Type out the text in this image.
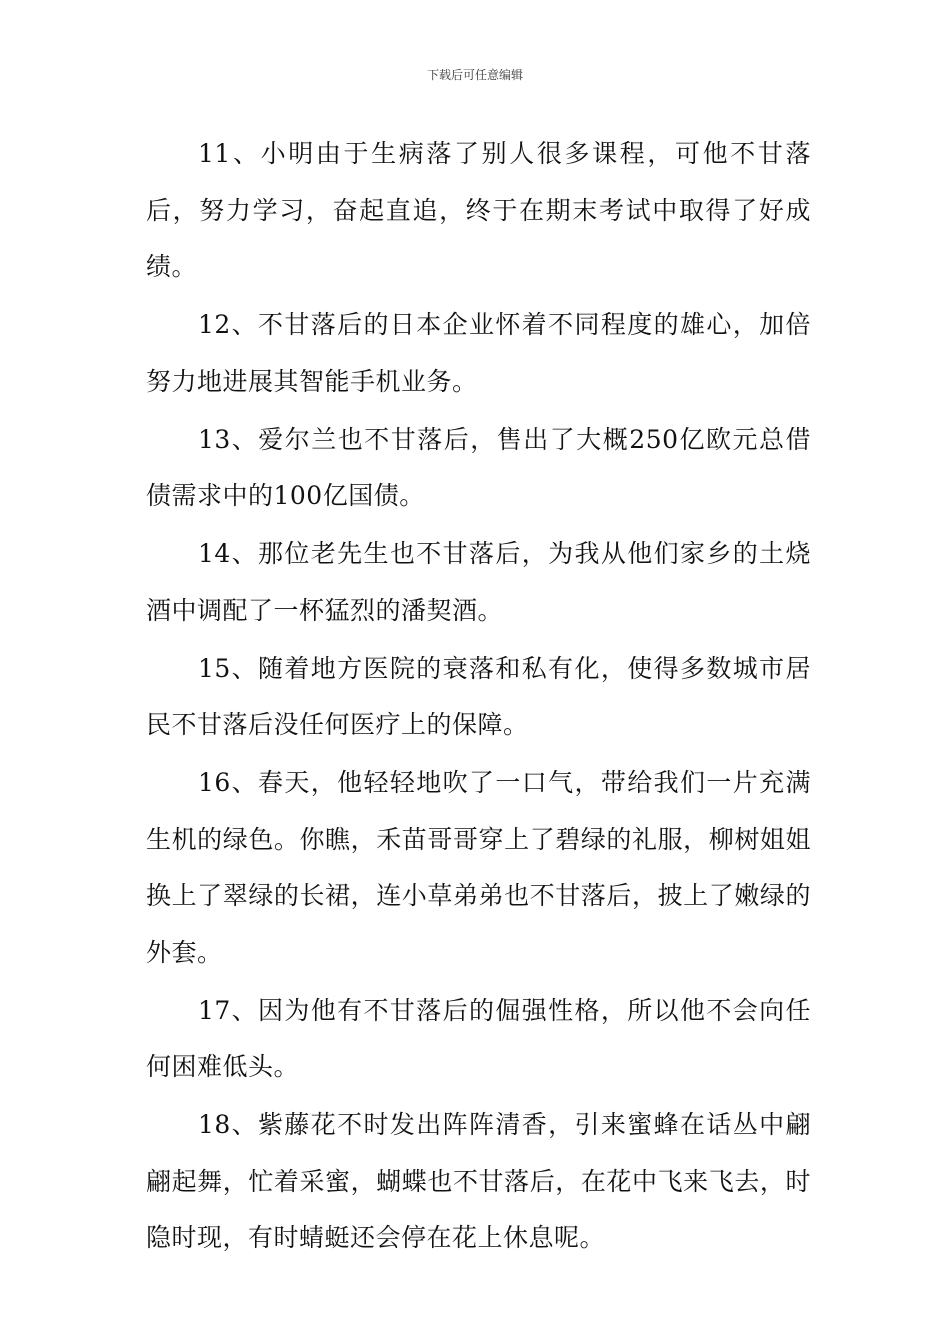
下载后可任意编辑

11、小明由于生病落了别人很多课程，可他不甘落后，努力学习，奋起直追，终于在期末考试中取得了好成绩。

12、不甘落后的日本企业怀着不同程度的雄心，加倍努力地进展其智能手机业务。

13、爱尔兰也不甘落后，售出了大概250亿欧元总借债需求中的100亿国债。

14、那位老先生也不甘落后，为我从他们家乡的土烧酒中调配了一杯猛烈的潘契酒。

15、随着地方医院的衰落和私有化，使得多数城市居民不甘落后没任何医疗上的保障。

16、春天，他轻轻地吹了一口气，带给我们一片充满生机的绿色。你瞧，禾苗哥哥穿上了碧绿的礼服，柳树姐姐换上了翠绿的长裙，连小草弟弟也不甘落后，披上了嫩绿的外套。

17、因为他有不甘落后的倔强性格，所以他不会向任何困难低头。

18、紫藤花不时发出阵阵清香，引来蜜蜂在话丛中翩翩起舞，忙着采蜜，蝴蝶也不甘落后，在花中飞来飞去，时隐时现，有时蜻蜓还会停在花上休息呢。
